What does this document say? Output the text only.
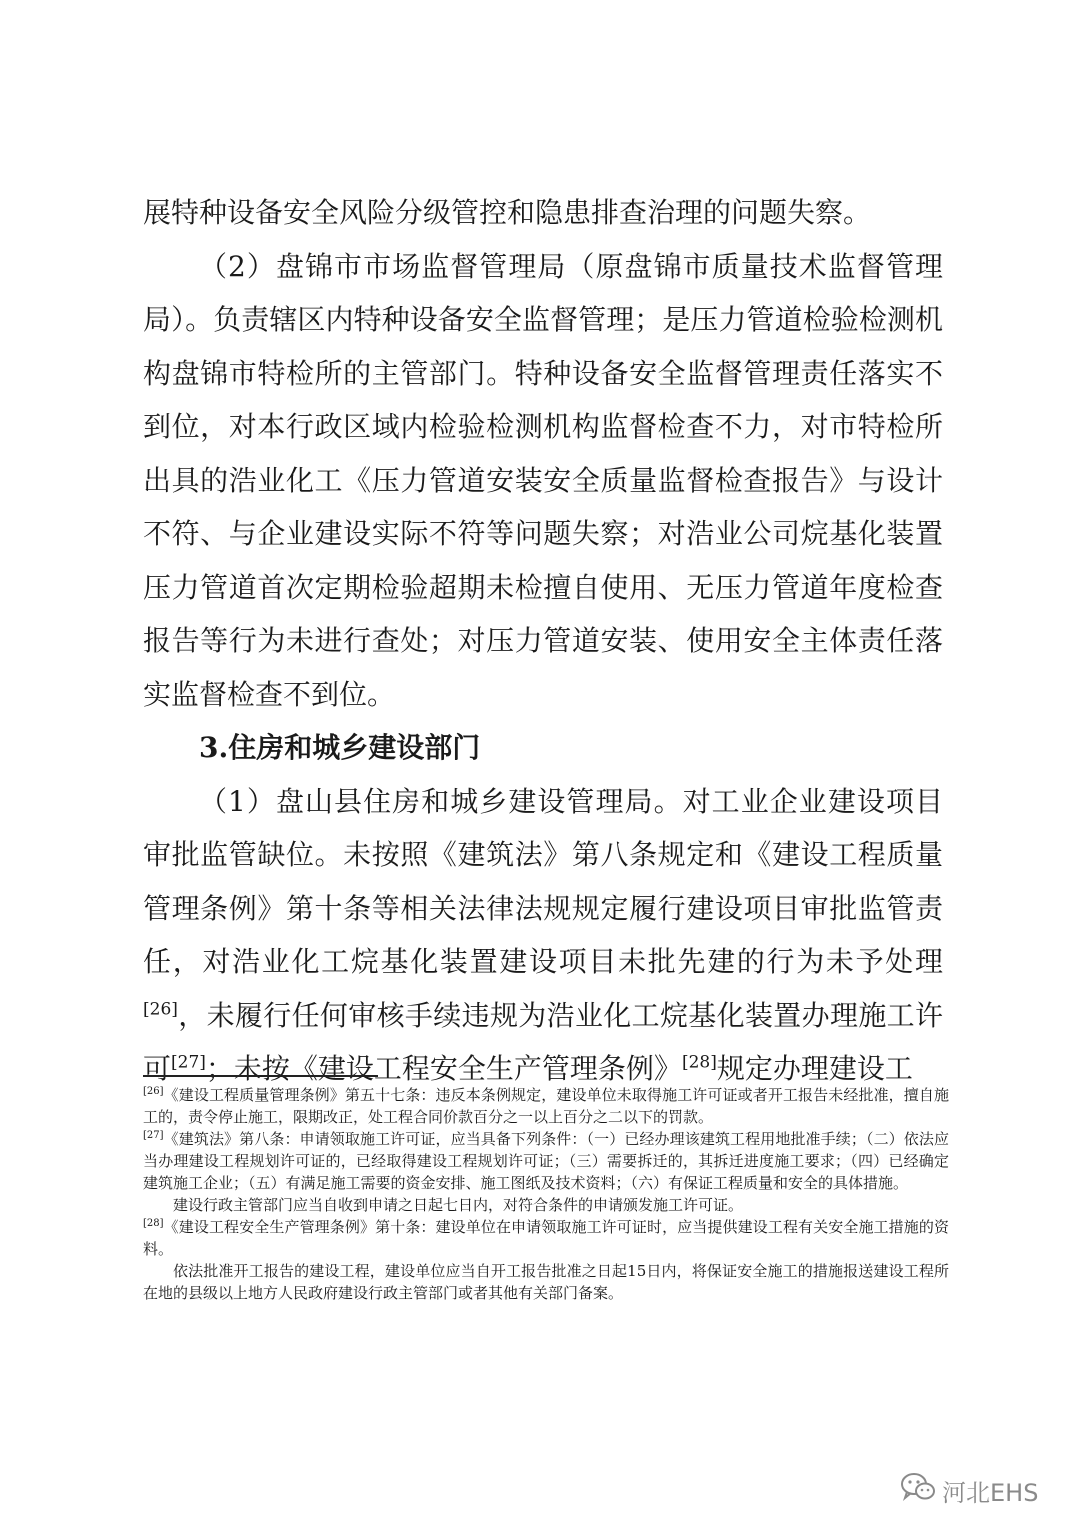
展特种设备安全风险分级管控和隐患排查治理的问题失察。

（2）盘锦市市场监督管理局（原盘锦市质量技术监督管理局）。负责辖区内特种设备安全监督管理；是压力管道检验检测机构盘锦市特检所的主管部门。特种设备安全监督管理责任落实不到位，对本行政区域内检验检测机构监督检查不力，对市特检所出具的浩业化工《压力管道安装安全质量监督检查报告》与设计不符、与企业建设实际不符等问题失察；对浩业公司烷基化装置压力管道首次定期检验超期未检擅自使用、无压力管道年度检查报告等行为未进行查处；对压力管道安装、使用安全主体责任落实监督检查不到位。

3.住房和城乡建设部门

（1）盘山县住房和城乡建设管理局。对工业企业建设项目审批监管缺位。未按照《建筑法》第八条规定和《建设工程质量管理条例》第十条等相关法律法规规定履行建设项目审批监管责任，对浩业化工烷基化装置建设项目未批先建的行为未予处理[26]，未履行任何审核手续违规为浩业化工烷基化装置办理施工许可[27]；未按《建设工程安全生产管理条例》[28]规定办理建设工

[26]《建设工程质量管理条例》第五十七条：违反本条例规定，建设单位未取得施工许可证或者开工报告未经批准，擅自施工的，责令停止施工，限期改正，处工程合同价款百分之一以上百分之二以下的罚款。

[27]《建筑法》第八条：申请领取施工许可证，应当具备下列条件：（一）已经办理该建筑工程用地批准手续；（二）依法应当办理建设工程规划许可证的，已经取得建设工程规划许可证；（三）需要拆迁的，其拆迁进度施工要求；（四）已经确定建筑施工企业；（五）有满足施工需要的资金安排、施工图纸及技术资料；（六）有保证工程质量和安全的具体措施。

建设行政主管部门应当自收到申请之日起七日内，对符合条件的申请颁发施工许可证。

[28]《建设工程安全生产管理条例》第十条：建设单位在申请领取施工许可证时，应当提供建设工程有关安全施工措施的资料。

依法批准开工报告的建设工程，建设单位应当自开工报告批准之日起15日内，将保证安全施工的措施报送建设工程所在地的县级以上地方人民政府建设行政主管部门或者其他有关部门备案。

河北EHS
